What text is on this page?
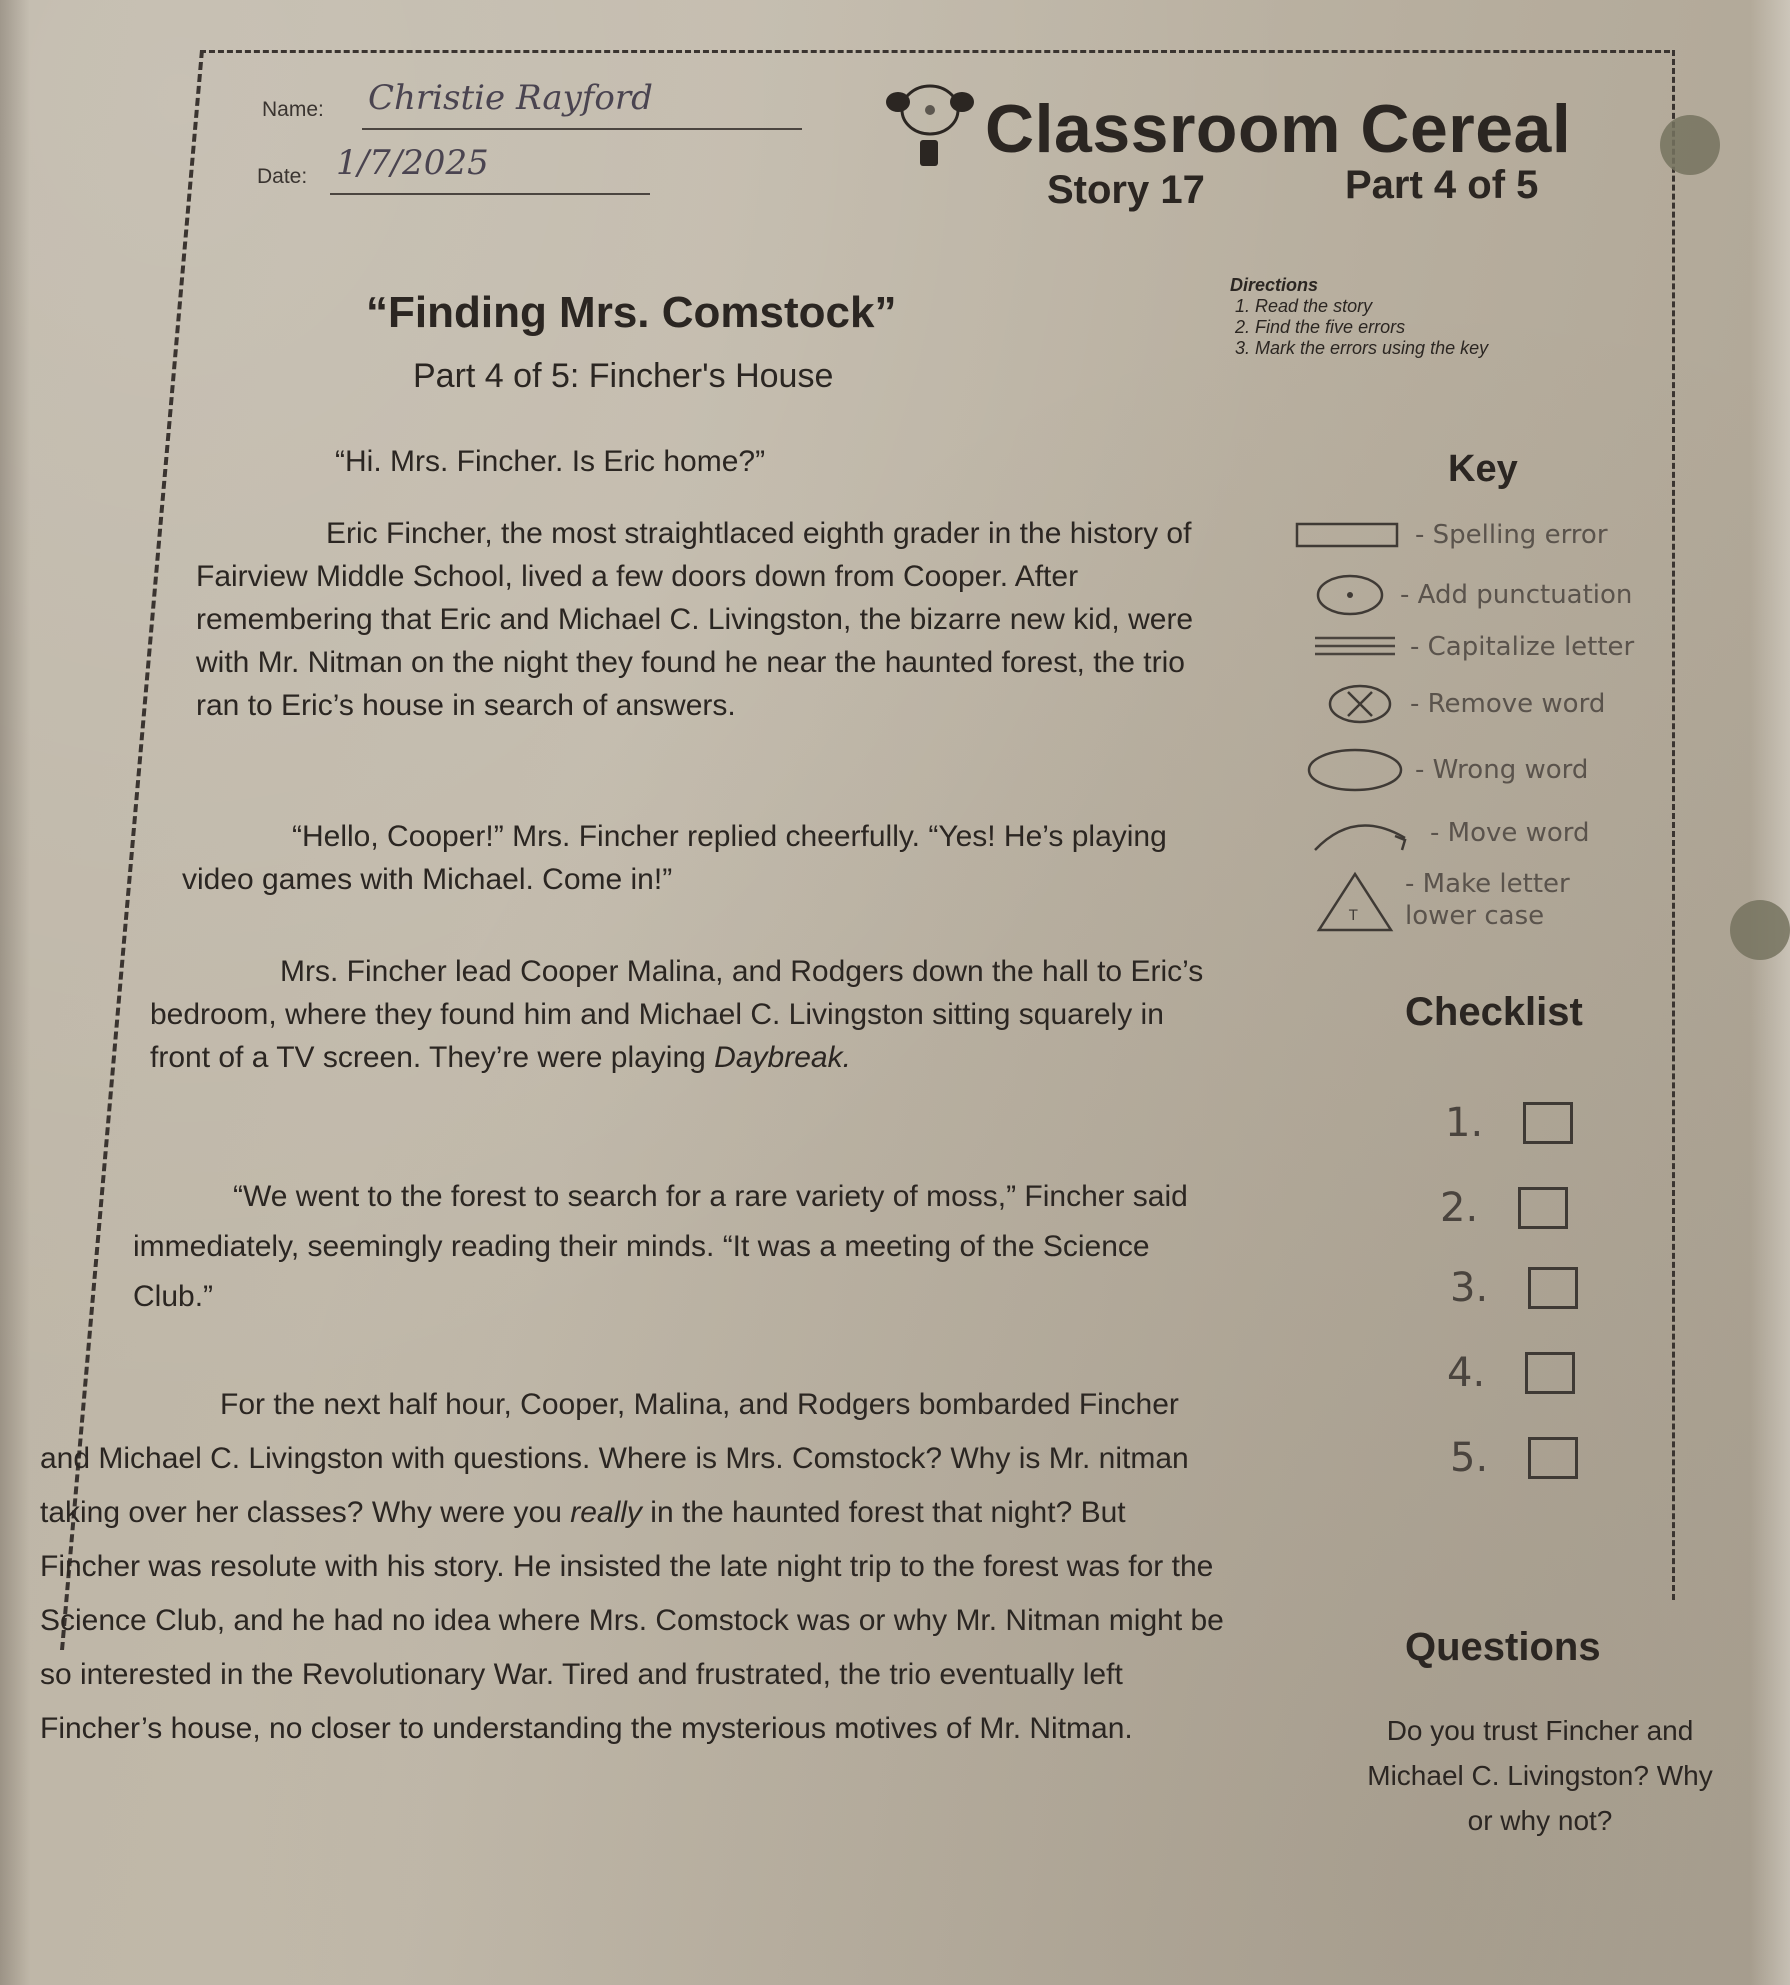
Name: Christie Rayford
Date: 1/7/2025	Classroom Cereal
Story 17	Part 4 of 5
“Finding Mrs. Comstock”
Part 4 of 5: Fincher's House
Directions
1. Read the story
2. Find the five errors
3. Mark the errors using the key
Key
- Spelling error
- Add punctuation
- Capitalize letter
- Remove word
- Wrong word
- Move word
T
- Make letter lower case
“Hi. Mrs. Fincher. Is Eric home?”
Eric Fincher, the most straightlaced eighth grader in the history of Fairview Middle School, lived a few doors down from Cooper. After remembering that Eric and Michael C. Livingston, the bizarre new kid, were with Mr. Nitman on the night they found he near the haunted forest, the trio ran to Eric’s house in search of answers.
“Hello, Cooper!” Mrs. Fincher replied cheerfully. “Yes! He’s playing video games with Michael. Come in!”
Mrs. Fincher lead Cooper Malina, and Rodgers down the hall to Eric’s bedroom, where they found him and Michael C. Livingston sitting squarely in front of a TV screen. They’re were playing Daybreak.
“We went to the forest to search for a rare variety of moss,” Fincher said immediately, seemingly reading their minds. “It was a meeting of the Science Club.”
For the next half hour, Cooper, Malina, and Rodgers bombarded Fincher and Michael C. Livingston with questions. Where is Mrs. Comstock? Why is Mr. nitman taking over her classes? Why were you really in the haunted forest that night? But Fincher was resolute with his story. He insisted the late night trip to the forest was for the Science Club, and he had no idea where Mrs. Comstock was or why Mr. Nitman might be so interested in the Revolutionary War. Tired and frustrated, the trio eventually left Fincher’s house, no closer to understanding the mysterious motives of Mr. Nitman.
Checklist
1.
2.
3.
4.
5.
Questions
Do you trust Fincher and Michael C. Livingston? Why or why not?
